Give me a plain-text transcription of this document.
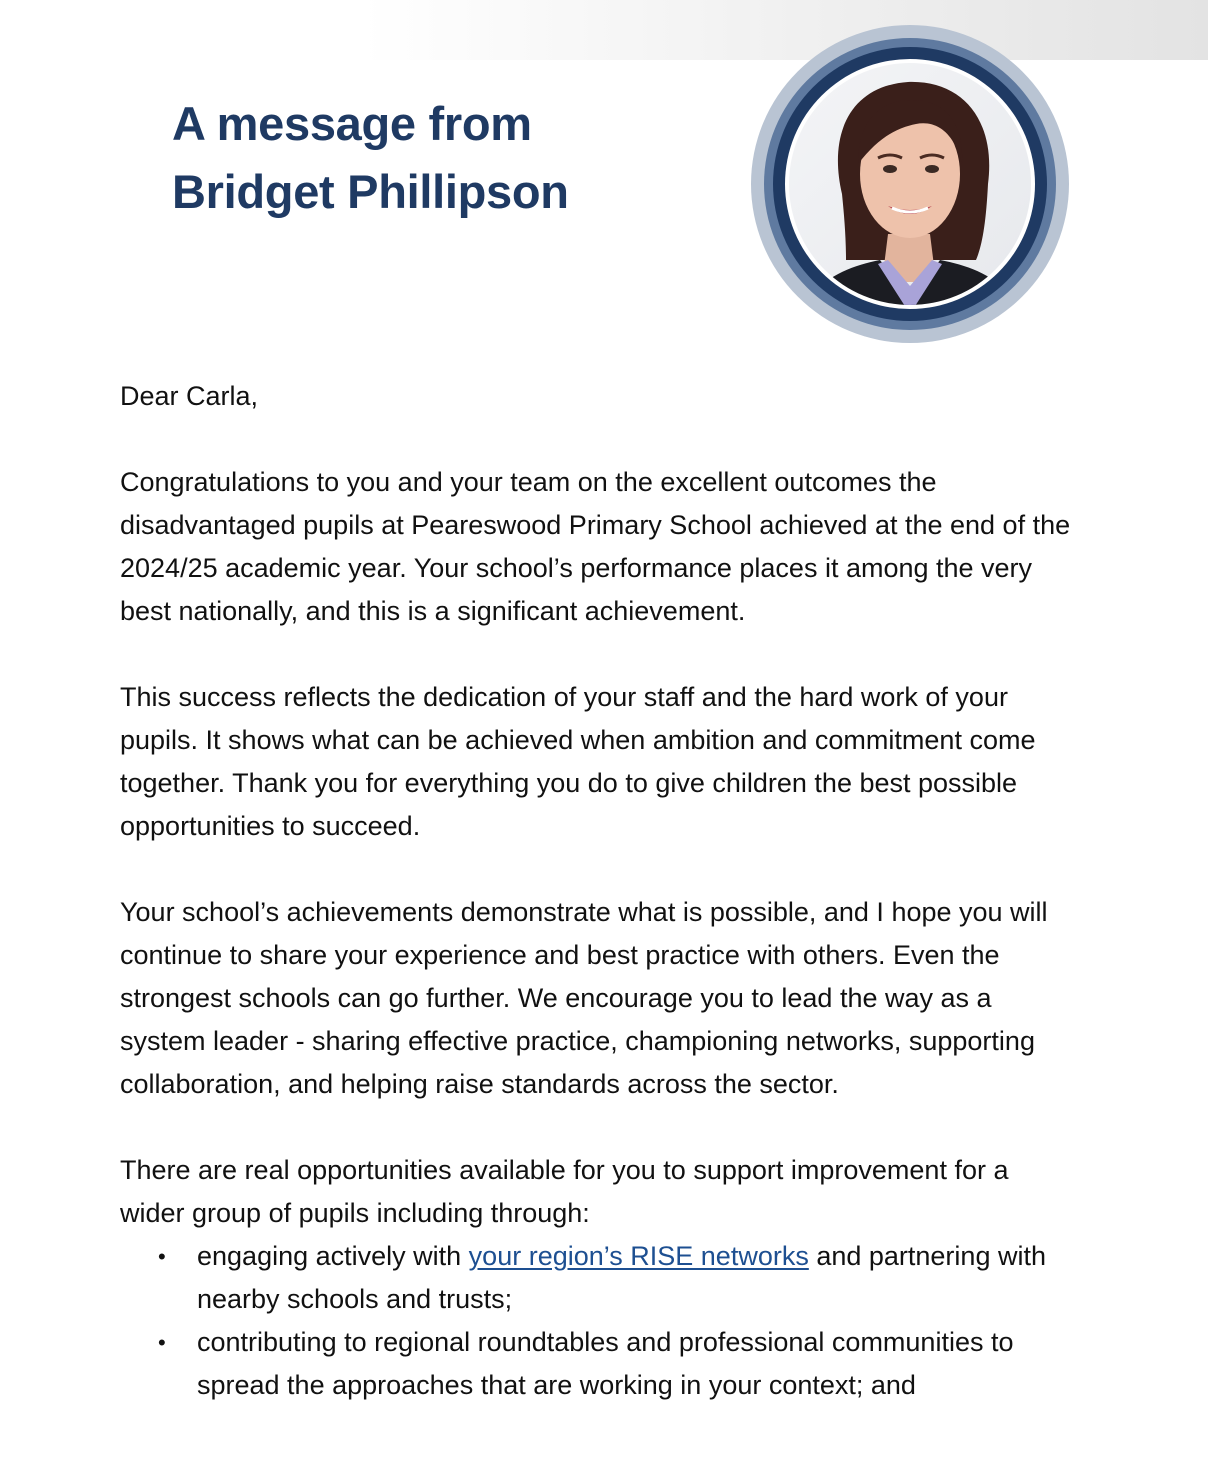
A message from
Bridget Phillipson

Dear Carla,

Congratulations to you and your team on the excellent outcomes the disadvantaged pupils at Peareswood Primary School achieved at the end of the 2024/25 academic year. Your school’s performance places it among the very best nationally, and this is a significant achievement.

This success reflects the dedication of your staff and the hard work of your pupils. It shows what can be achieved when ambition and commitment come together. Thank you for everything you do to give children the best possible opportunities to succeed.

Your school’s achievements demonstrate what is possible, and I hope you will continue to share your experience and best practice with others. Even the strongest schools can go further. We encourage you to lead the way as a system leader - sharing effective practice, championing networks, supporting collaboration, and helping raise standards across the sector.

There are real opportunities available for you to support improvement for a wider group of pupils including through:

• engaging actively with your region’s RISE networks and partnering with nearby schools and trusts;
• contributing to regional roundtables and professional communities to spread the approaches that are working in your context; and
